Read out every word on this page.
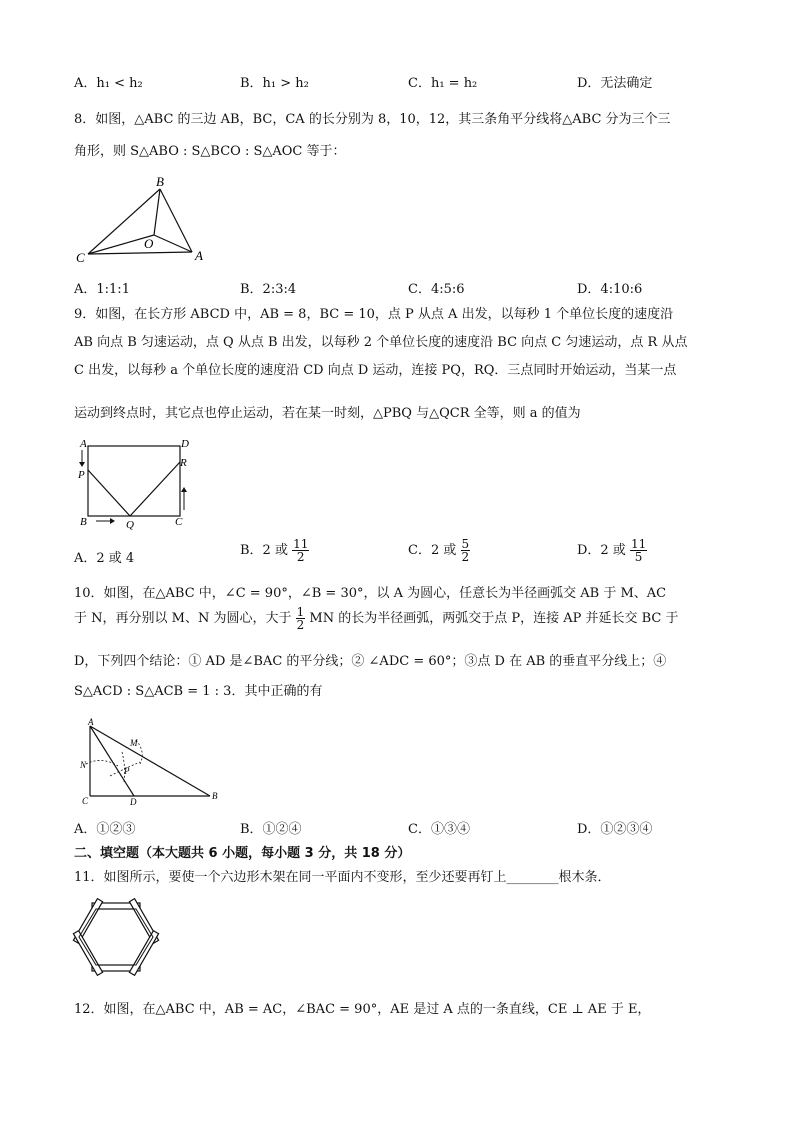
A．h₁ < h₂	B．h₁ > h₂	C．h₁ = h₂	D．无法确定
8．如图，△ABC 的三边 AB，BC，CA 的长分别为 8，10，12，其三条角平分线将△ABC 分为三个三
角形，则 S△ABO : S△BCO : S△AOC 等于：
B
C
O
A
A．1:1:1	B．2:3:4	C．4:5:6	D．4:10:6
9．如图，在长方形 ABCD 中，AB = 8，BC = 10，点 P 从点 A 出发，以每秒 1 个单位长度的速度沿
AB 向点 B 匀速运动，点 Q 从点 B 出发，以每秒 2 个单位长度的速度沿 BC 向点 C 匀速运动，点 R 从点
C 出发，以每秒 a 个单位长度的速度沿 CD 向点 D 运动，连接 PQ，RQ．三点同时开始运动，当某一点
运动到终点时，其它点也停止运动，若在某一时刻，△PBQ 与△QCR 全等，则 a 的值为
A	D
P
R
B	Q	C
A．2 或 4
B．2 或 $\frac{11}{2}$	C．2 或 $\frac{5}{2}$	D．2 或 $\frac{11}{5}$
10．如图，在△ABC 中，∠C = 90°，∠B = 30°，以 A 为圆心，任意长为半径画弧交 AB 于 M、AC
于 N，再分别以 M、N 为圆心，大于 $\frac{1}{2}$ MN 的长为半径画弧，两弧交于点 P，连接 AP 并延长交 BC 于
D，下列四个结论：① AD 是∠BAC 的平分线；② ∠ADC = 60°；③点 D 在 AB 的垂直平分线上；④
S△ACD : S△ACB = 1 : 3．其中正确的有
A
M
N
P
C	D
B
A．①②③	B．①②④	C．①③④	D．①②③④
二、填空题（本大题共 6 小题，每小题 3 分，共 18 分）
11．如图所示，要使一个六边形木架在同一平面内不变形，至少还要再钉上________根木条．
12．如图，在△ABC 中，AB = AC，∠BAC = 90°，AE 是过 A 点的一条直线，CE ⊥ AE 于 E，
